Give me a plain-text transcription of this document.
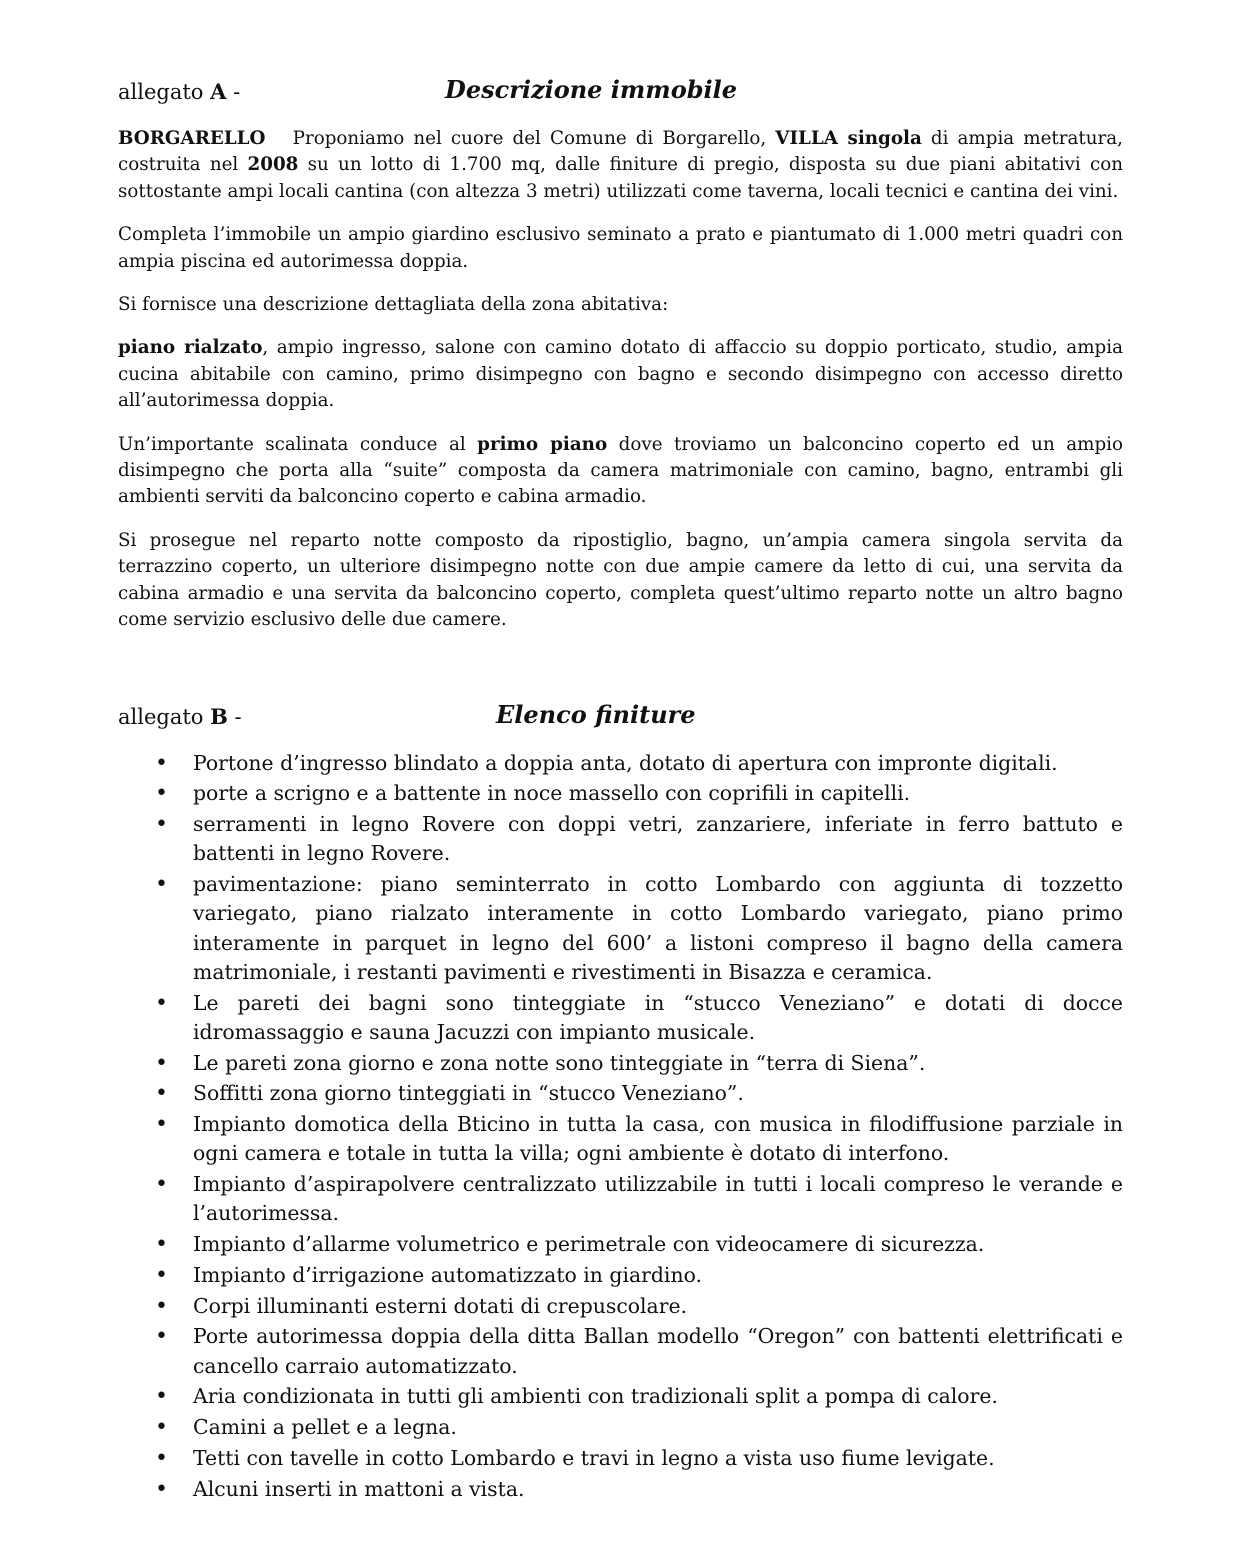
allegato A -	Descrizione immobile

BORGARELLO   Proponiamo nel cuore del Comune di Borgarello, VILLA singola di ampia metratura, costruita nel 2008 su un lotto di 1.700 mq, dalle finiture di pregio, disposta su due piani abitativi con sottostante ampi locali cantina (con altezza 3 metri) utilizzati come taverna, locali tecnici e cantina dei vini.

Completa l’immobile un ampio giardino esclusivo seminato a prato e piantumato di 1.000 metri quadri con ampia piscina ed autorimessa doppia.

Si fornisce una descrizione dettagliata della zona abitativa:

piano rialzato, ampio ingresso, salone con camino dotato di affaccio su doppio porticato, studio, ampia cucina abitabile con camino, primo disimpegno con bagno e secondo disimpegno con accesso diretto all’autorimessa doppia.

Un’importante scalinata conduce al primo piano dove troviamo un balconcino coperto ed un ampio disimpegno che porta alla “suite” composta da camera matrimoniale con camino, bagno, entrambi gli ambienti serviti da balconcino coperto e cabina armadio.

Si prosegue nel reparto notte composto da ripostiglio, bagno, un’ampia camera singola servita da terrazzino coperto, un ulteriore disimpegno notte con due ampie camere da letto di cui, una servita da cabina armadio e una servita da balconcino coperto, completa quest’ultimo reparto notte un altro bagno come servizio esclusivo delle due camere.

allegato B -	Elenco finiture
• Portone d’ingresso blindato a doppia anta, dotato di apertura con impronte digitali.
• porte a scrigno e a battente in noce massello con coprifili in capitelli.
• serramenti in legno Rovere con doppi vetri, zanzariere, inferiate in ferro battuto e battenti in legno Rovere.
• pavimentazione: piano seminterrato in cotto Lombardo con aggiunta di tozzetto variegato, piano rialzato interamente in cotto Lombardo variegato, piano primo interamente in parquet in legno del 600’ a listoni compreso il bagno della camera matrimoniale, i restanti pavimenti e rivestimenti in Bisazza e ceramica.
• Le pareti dei bagni sono tinteggiate in “stucco Veneziano” e dotati di docce idromassaggio e sauna Jacuzzi con impianto musicale.
• Le pareti zona giorno e zona notte sono tinteggiate in “terra di Siena”.
• Soffitti zona giorno tinteggiati in “stucco Veneziano”.
• Impianto domotica della Bticino in tutta la casa, con musica in filodiffusione parziale in ogni camera e totale in tutta la villa; ogni ambiente è dotato di interfono.
• Impianto d’aspirapolvere centralizzato utilizzabile in tutti i locali compreso le verande e l’autorimessa.
• Impianto d’allarme volumetrico e perimetrale con videocamere di sicurezza.
• Impianto d’irrigazione automatizzato in giardino.
• Corpi illuminanti esterni dotati di crepuscolare.
• Porte autorimessa doppia della ditta Ballan modello “Oregon” con battenti elettrificati e cancello carraio automatizzato.
• Aria condizionata in tutti gli ambienti con tradizionali split a pompa di calore.
• Camini a pellet e a legna.
• Tetti con tavelle in cotto Lombardo e travi in legno a vista uso fiume levigate.
• Alcuni inserti in mattoni a vista.
